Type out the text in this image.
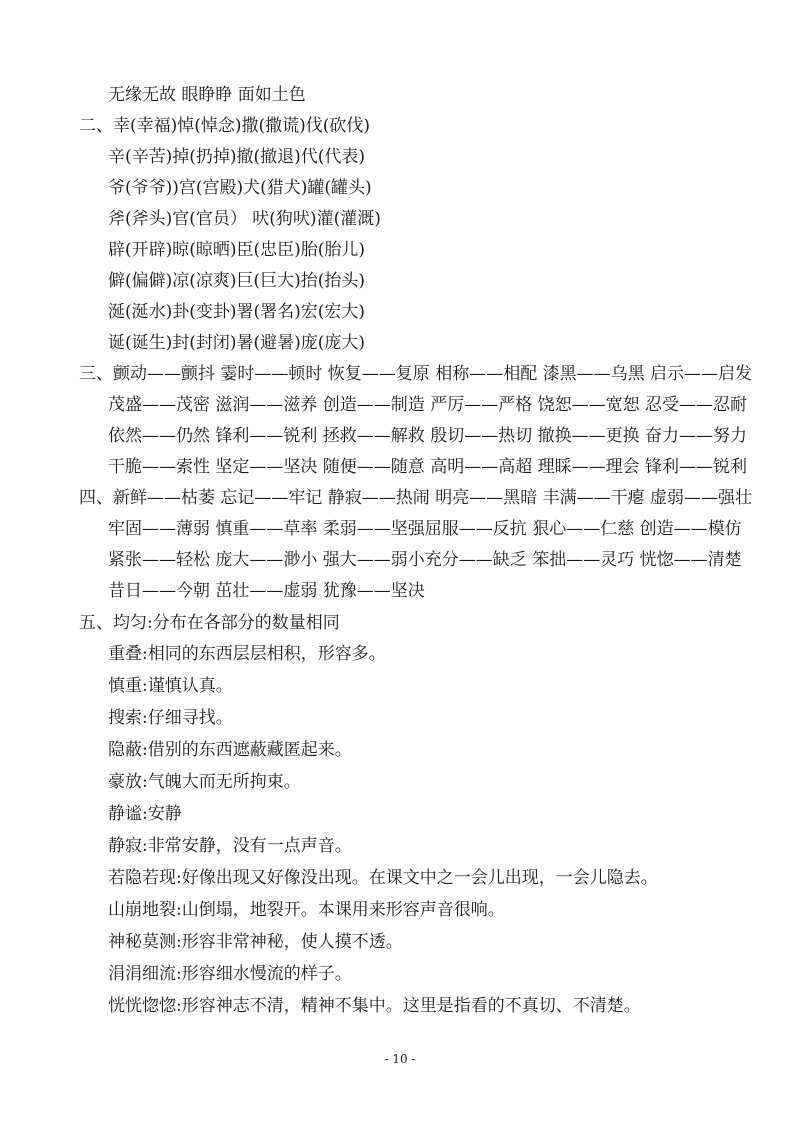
无缘无故 眼睁睁 面如土色
二、幸(幸福)悼(悼念)撒(撒谎)伐(砍伐)
辛(辛苦)掉(扔掉)撤(撤退)代(代表)
爷(爷爷))宫(宫殿)犬(猎犬)罐(罐头)
斧(斧头)官(官员） 吠(狗吠)灌(灌溉)
辟(开辟)晾(晾晒)臣(忠臣)胎(胎儿)
僻(偏僻)凉(凉爽)巨(巨大)抬(抬头)
涎(涎水)卦(变卦)署(署名)宏(宏大)
诞(诞生)封(封闭)暑(避暑)庞(庞大)
三、颤动——颤抖 霎时——顿时 恢复——复原 相称——相配 漆黑——乌黑 启示——启发
茂盛——茂密 滋润——滋养 创造——制造 严厉——严格 饶恕——宽恕 忍受——忍耐
依然——仍然 锋利——锐利 拯救——解救 殷切——热切 撤换——更换 奋力——努力
干脆——索性 坚定——坚决 随便——随意 高明——高超 理睬——理会 锋利——锐利
四、新鲜——枯萎 忘记——牢记 静寂——热闹 明亮——黑暗 丰满——干瘪 虚弱——强壮
牢固——薄弱 慎重——草率 柔弱——坚强屈服——反抗 狠心——仁慈 创造——模仿
紧张——轻松 庞大——渺小 强大——弱小充分——缺乏 笨拙——灵巧 恍惚——清楚
昔日——今朝 茁壮——虚弱 犹豫——坚决
五、均匀:分布在各部分的数量相同
重叠:相同的东西层层相积，形容多。
慎重:谨慎认真。
搜索:仔细寻找。
隐蔽:借别的东西遮蔽藏匿起来。
豪放:气魄大而无所拘束。
静谧:安静
静寂:非常安静，没有一点声音。
若隐若现:好像出现又好像没出现。在课文中之一会儿出现，一会儿隐去。
山崩地裂:山倒塌，地裂开。本课用来形容声音很响。
神秘莫测:形容非常神秘，使人摸不透。
涓涓细流:形容细水慢流的样子。
恍恍惚惚:形容神志不清，精神不集中。这里是指看的不真切、不清楚。
- 10 -
